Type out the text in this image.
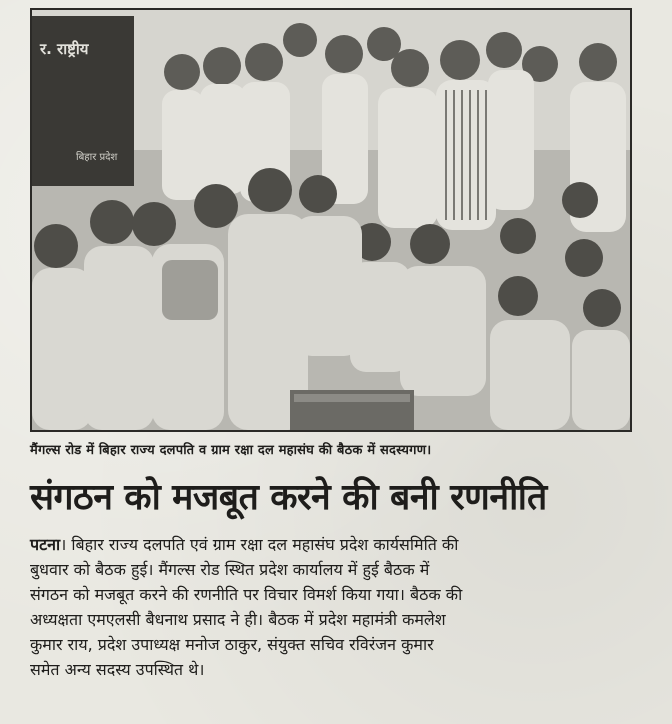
र. राष्ट्रीय
बिहार प्रदेश
मैंगल्स रोड में बिहार राज्य दलपति व ग्राम रक्षा दल महासंघ की बैठक में सदस्यगण।
संगठन को मजबूत करने की बनी रणनीति

पटना। बिहार राज्य दलपति एवं ग्राम रक्षा दल महासंघ प्रदेश कार्यसमिति की

बुधवार को बैठक हुई। मैंगल्स रोड स्थित प्रदेश कार्यालय में हुई बैठक में

संगठन को मजबूत करने की रणनीति पर विचार विमर्श किया गया। बैठक की

अध्यक्षता एमएलसी बैधनाथ प्रसाद ने ही। बैठक में प्रदेश महामंत्री कमलेश

कुमार राय, प्रदेश उपाध्यक्ष मनोज ठाकुर, संयुक्त सचिव रविरंजन कुमार

समेत अन्य सदस्य उपस्थित थे।
